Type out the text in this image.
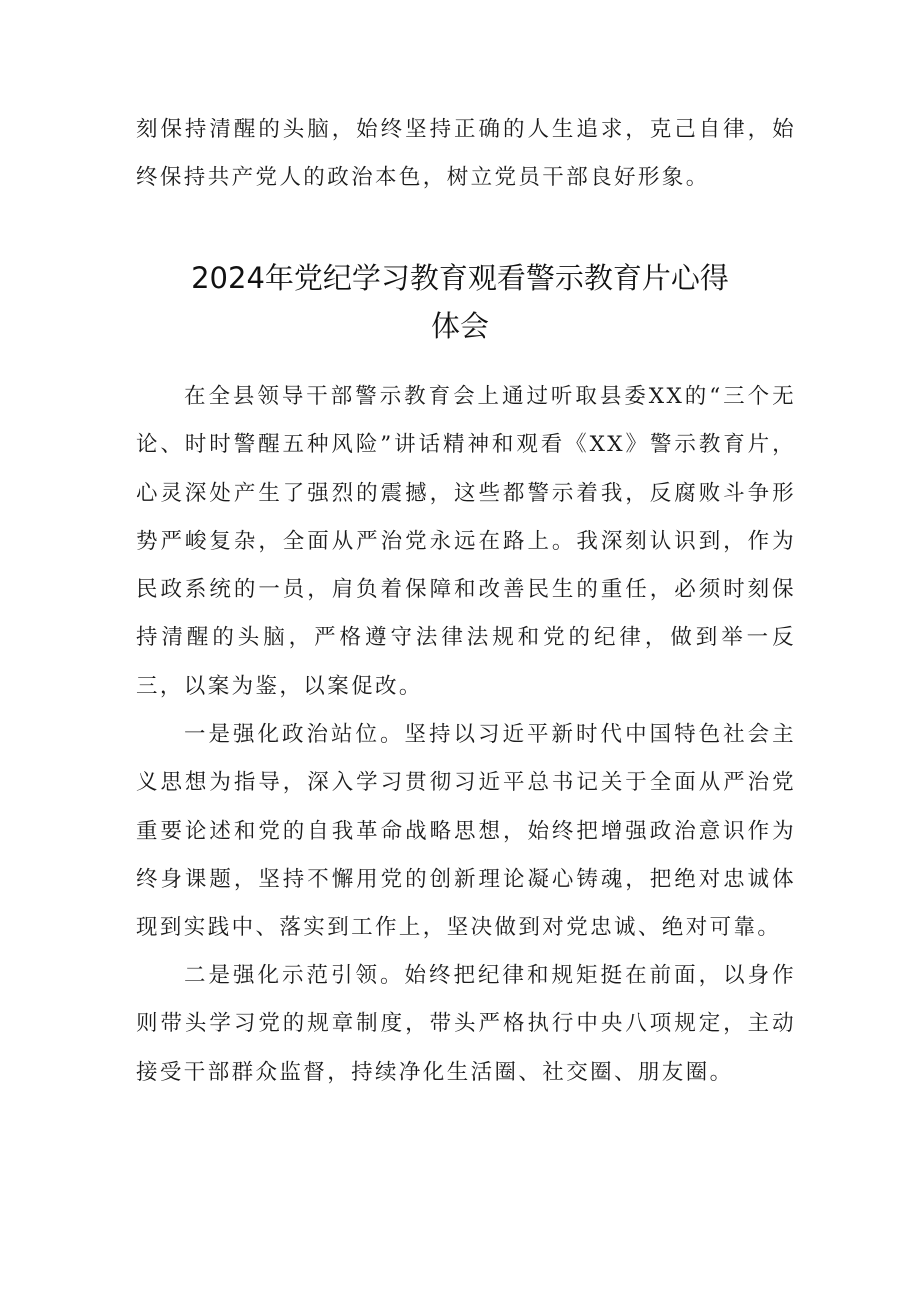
刻保持清醒的头脑，始终坚持正确的人生追求，克己自律，始终保持共产党人的政治本色，树立党员干部良好形象。

2024年党纪学习教育观看警示教育片心得
体会

在全县领导干部警示教育会上通过听取县委XX的“三个无论、时时警醒五种风险”讲话精神和观看《XX》警示教育片，心灵深处产生了强烈的震撼，这些都警示着我，反腐败斗争形势严峻复杂，全面从严治党永远在路上。我深刻认识到，作为民政系统的一员，肩负着保障和改善民生的重任，必须时刻保持清醒的头脑，严格遵守法律法规和党的纪律，做到举一反三，以案为鉴，以案促改。

一是强化政治站位。坚持以习近平新时代中国特色社会主义思想为指导，深入学习贯彻习近平总书记关于全面从严治党重要论述和党的自我革命战略思想，始终把增强政治意识作为终身课题，坚持不懈用党的创新理论凝心铸魂，把绝对忠诚体现到实践中、落实到工作上，坚决做到对党忠诚、绝对可靠。

二是强化示范引领。始终把纪律和规矩挺在前面，以身作则带头学习党的规章制度，带头严格执行中央八项规定，主动接受干部群众监督，持续净化生活圈、社交圈、朋友圈。
